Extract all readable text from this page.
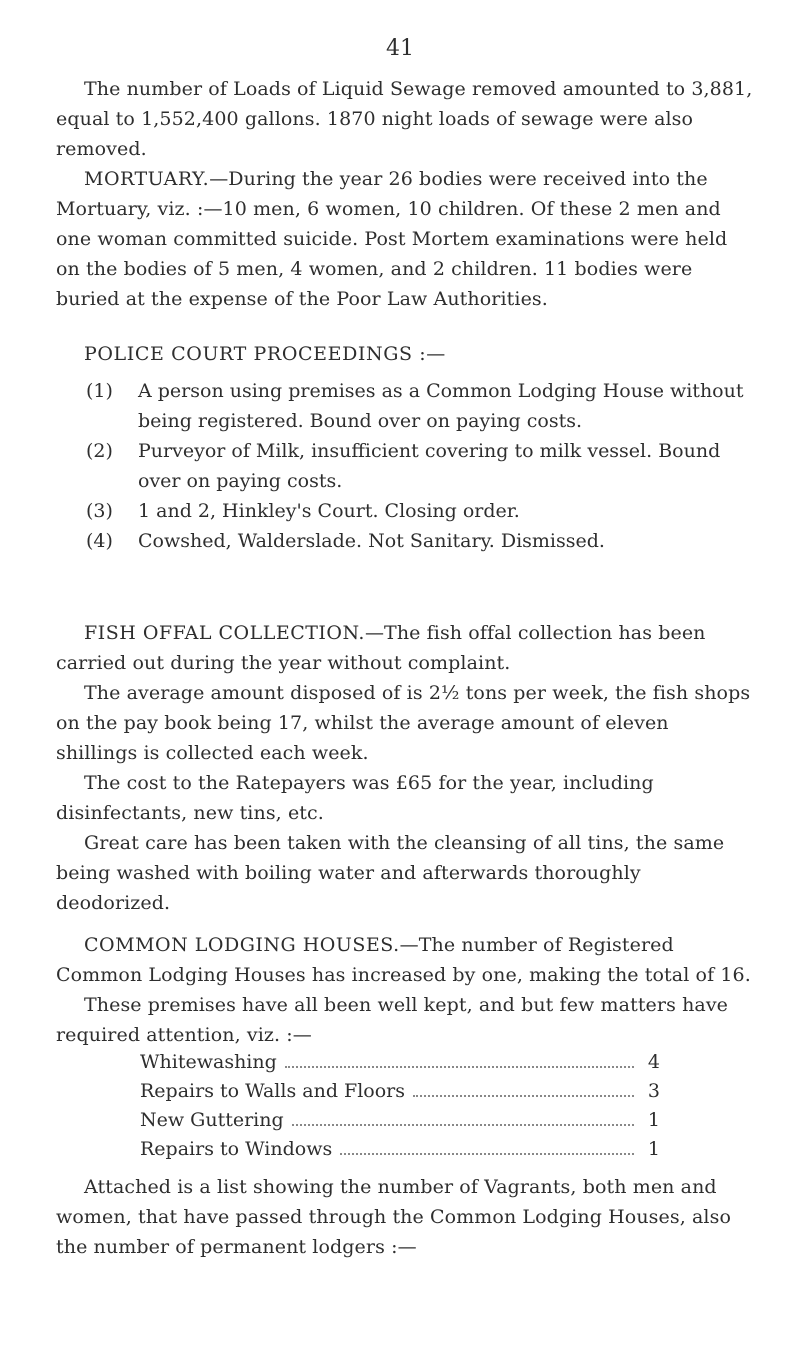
41

The number of Loads of Liquid Sewage removed amounted to 3,881, equal to 1,552,400 gallons. 1870 night loads of sewage were also removed.

MORTUARY.—During the year 26 bodies were received into the Mortuary, viz. :—10 men, 6 women, 10 children. Of these 2 men and one woman committed suicide. Post Mortem examinations were held on the bodies of 5 men, 4 women, and 2 children. 11 bodies were buried at the expense of the Poor Law Authorities.

POLICE COURT PROCEEDINGS :—

(1) A person using premises as a Common Lodging House without being registered. Bound over on paying costs.
(2) Purveyor of Milk, insufficient covering to milk vessel. Bound over on paying costs.
(3) 1 and 2, Hinkley's Court. Closing order.
(4) Cowshed, Walderslade. Not Sanitary. Dismissed.

FISH OFFAL COLLECTION.—The fish offal collection has been carried out during the year without complaint.

The average amount disposed of is 2½ tons per week, the fish shops on the pay book being 17, whilst the average amount of eleven shillings is collected each week.

The cost to the Ratepayers was £65 for the year, including disinfectants, new tins, etc.

Great care has been taken with the cleansing of all tins, the same being washed with boiling water and afterwards thoroughly deodorized.

COMMON LODGING HOUSES.—The number of Registered Common Lodging Houses has increased by one, making the total of 16.

These premises have all been well kept, and but few matters have required attention, viz. :—

Whitewashing	4
Repairs to Walls and Floors	3
New Guttering	1
Repairs to Windows	1

Attached is a list showing the number of Vagrants, both men and women, that have passed through the Common Lodging Houses, also the number of permanent lodgers :—
